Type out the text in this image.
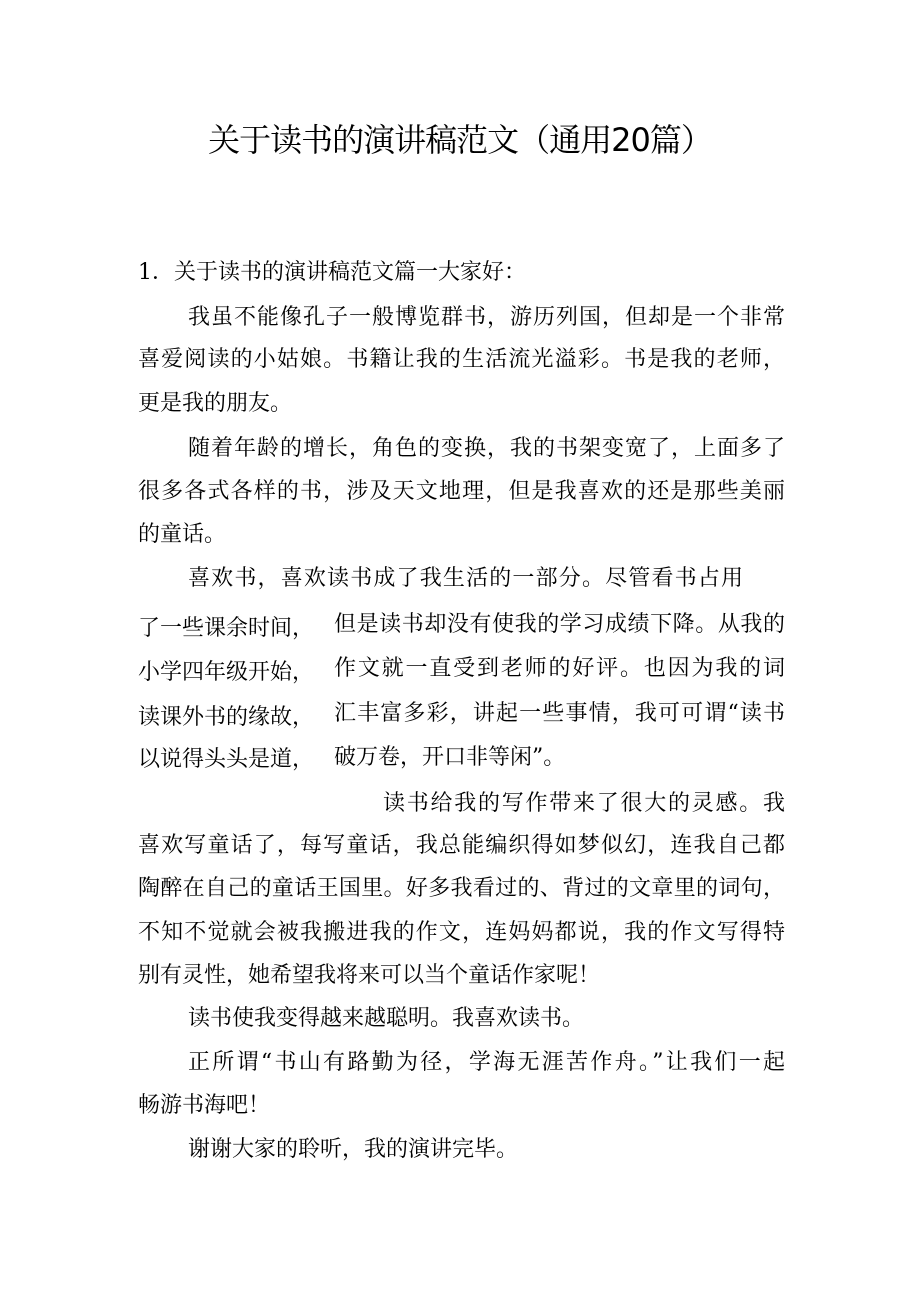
关于读书的演讲稿范文（通用20篇）
1．关于读书的演讲稿范文篇一大家好：
我虽不能像孔子一般博览群书，游历列国，但却是一个非常
喜爱阅读的小姑娘。书籍让我的生活流光溢彩。书是我的老师，
更是我的朋友。
随着年龄的增长，角色的变换，我的书架变宽了，上面多了
很多各式各样的书，涉及天文地理，但是我喜欢的还是那些美丽
的童话。
喜欢书，喜欢读书成了我生活的一部分。尽管看书占用
了一些课余时间，
小学四年级开始，
读课外书的缘故，
以说得头头是道，
但是读书却没有使我的学习成绩下降。从我的
作文就一直受到老师的好评。也因为我的词
汇丰富多彩，讲起一些事情，我可可谓“读书
破万卷，开口非等闲”。
读书给我的写作带来了很大的灵感。我
喜欢写童话了，每写童话，我总能编织得如梦似幻，连我自己都
陶醉在自己的童话王国里。好多我看过的、背过的文章里的词句，
不知不觉就会被我搬进我的作文，连妈妈都说，我的作文写得特
别有灵性，她希望我将来可以当个童话作家呢！
读书使我变得越来越聪明。我喜欢读书。
正所谓“书山有路勤为径，学海无涯苦作舟。”让我们一起
畅游书海吧！
谢谢大家的聆听，我的演讲完毕。
